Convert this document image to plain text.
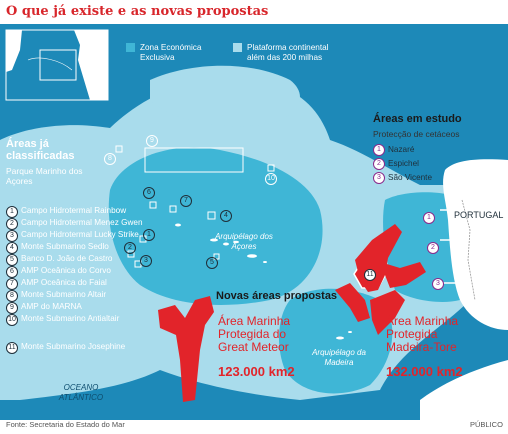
O que já existe e as novas propostas
Zona Económica Exclusiva
Plataforma continental além das 200 milhas
Áreas já classificadas
Parque Marinho dos Açores
1 Campo Hidrotermal Rainbow
2 Campo Hidrotermal Menez Gwen
3 Campo Hidrotermal Lucky Strike
4 Monte Submarino Sedlo
5 Banco D. João de Castro
6 AMP Oceânica do Corvo
7 AMP Oceânica do Faial
8 Monte Submarino Altair
9 AMP do MARNA
10 Monte Submarino Antialtair
11 Monte Submarino Josephine
Áreas em estudo
Protecção de cetáceos
1 Nazaré
2 Espichel
3 São Vicente
1
2
3
9
8
10
6
7
4
1
2
3	5
11
Arquipélago dos Açores
Arquipélago da Madeira
PORTUGAL
OCEANO ATLÂNTICO
Novas áreas propostas
Área Marinha
Protegida do
Great Meteor
123.000 km2
Área Marinha
Protegida
Madeira-Tore
132.000 km2
Fonte: Secretaria do Estado do Mar	PÚBLICO
